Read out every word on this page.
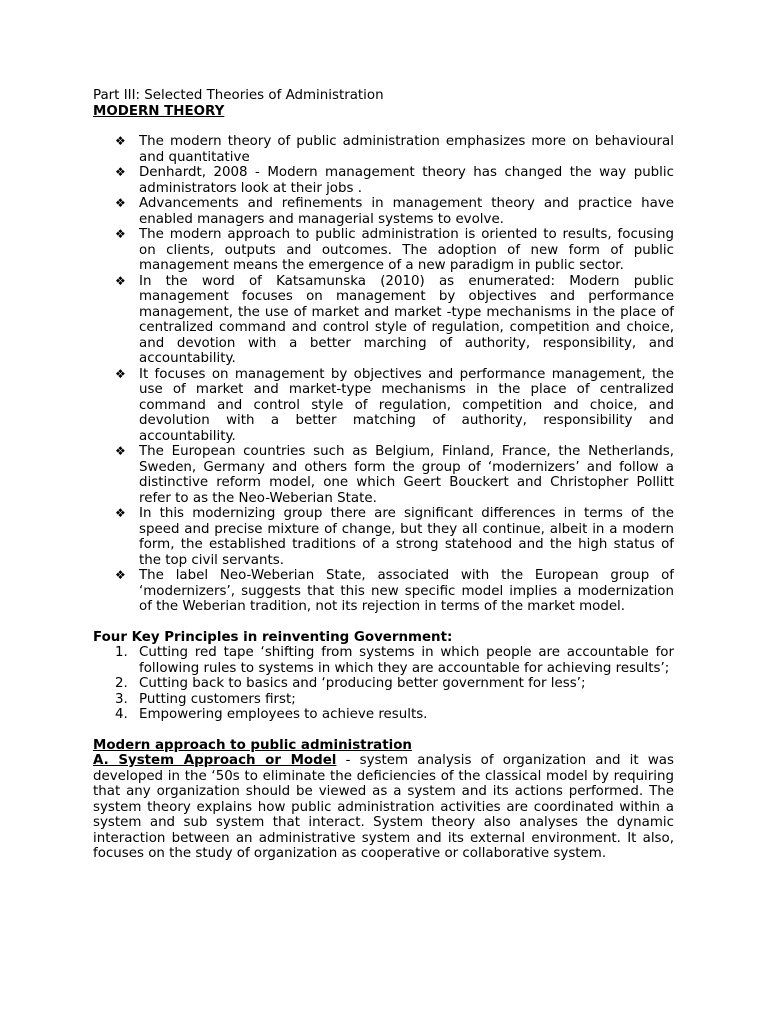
Part III: Selected Theories of Administration

MODERN THEORY

❖ The modern theory of public administration emphasizes more on behavioural and quantitative
❖ Denhardt, 2008 - Modern management theory has changed the way public administrators look at their jobs .
❖ Advancements and refinements in management theory and practice have enabled managers and managerial systems to evolve.
❖ The modern approach to public administration is oriented to results, focusing on clients, outputs and outcomes. The adoption of new form of public management means the emergence of a new paradigm in public sector.
❖ In the word of Katsamunska (2010) as enumerated: Modern public management focuses on management by objectives and performance management, the use of market and market -type mechanisms in the place of centralized command and control style of regulation, competition and choice, and devotion with a better marching of authority, responsibility, and accountability.
❖ It focuses on management by objectives and performance management, the use of market and market-type mechanisms in the place of centralized command and control style of regulation, competition and choice, and devolution with a better matching of authority, responsibility and accountability.
❖ The European countries such as Belgium, Finland, France, the Netherlands, Sweden, Germany and others form the group of ‘modernizers’ and follow a distinctive reform model, one which Geert Bouckert and Christopher Pollitt refer to as the Neo-Weberian State.
❖ In this modernizing group there are significant differences in terms of the speed and precise mixture of change, but they all continue, albeit in a modern form, the established traditions of a strong statehood and the high status of the top civil servants.
❖ The label Neo-Weberian State, associated with the European group of ‘modernizers’, suggests that this new specific model implies a modernization of the Weberian tradition, not its rejection in terms of the market model.

Four Key Principles in reinventing Government:

1. Cutting red tape ‘shifting from systems in which people are accountable for following rules to systems in which they are accountable for achieving results’;
2. Cutting back to basics and ‘producing better government for less’;
3. Putting customers first;
4. Empowering employees to achieve results.

Modern approach to public administration

A. System Approach or Model - system analysis of organization and it was developed in the ‘50s to eliminate the deficiencies of the classical model by requiring that any organization should be viewed as a system and its actions performed. The system theory explains how public administration activities are coordinated within a system and sub system that interact. System theory also analyses the dynamic interaction between an administrative system and its external environment. It also, focuses on the study of organization as cooperative or collaborative system.
